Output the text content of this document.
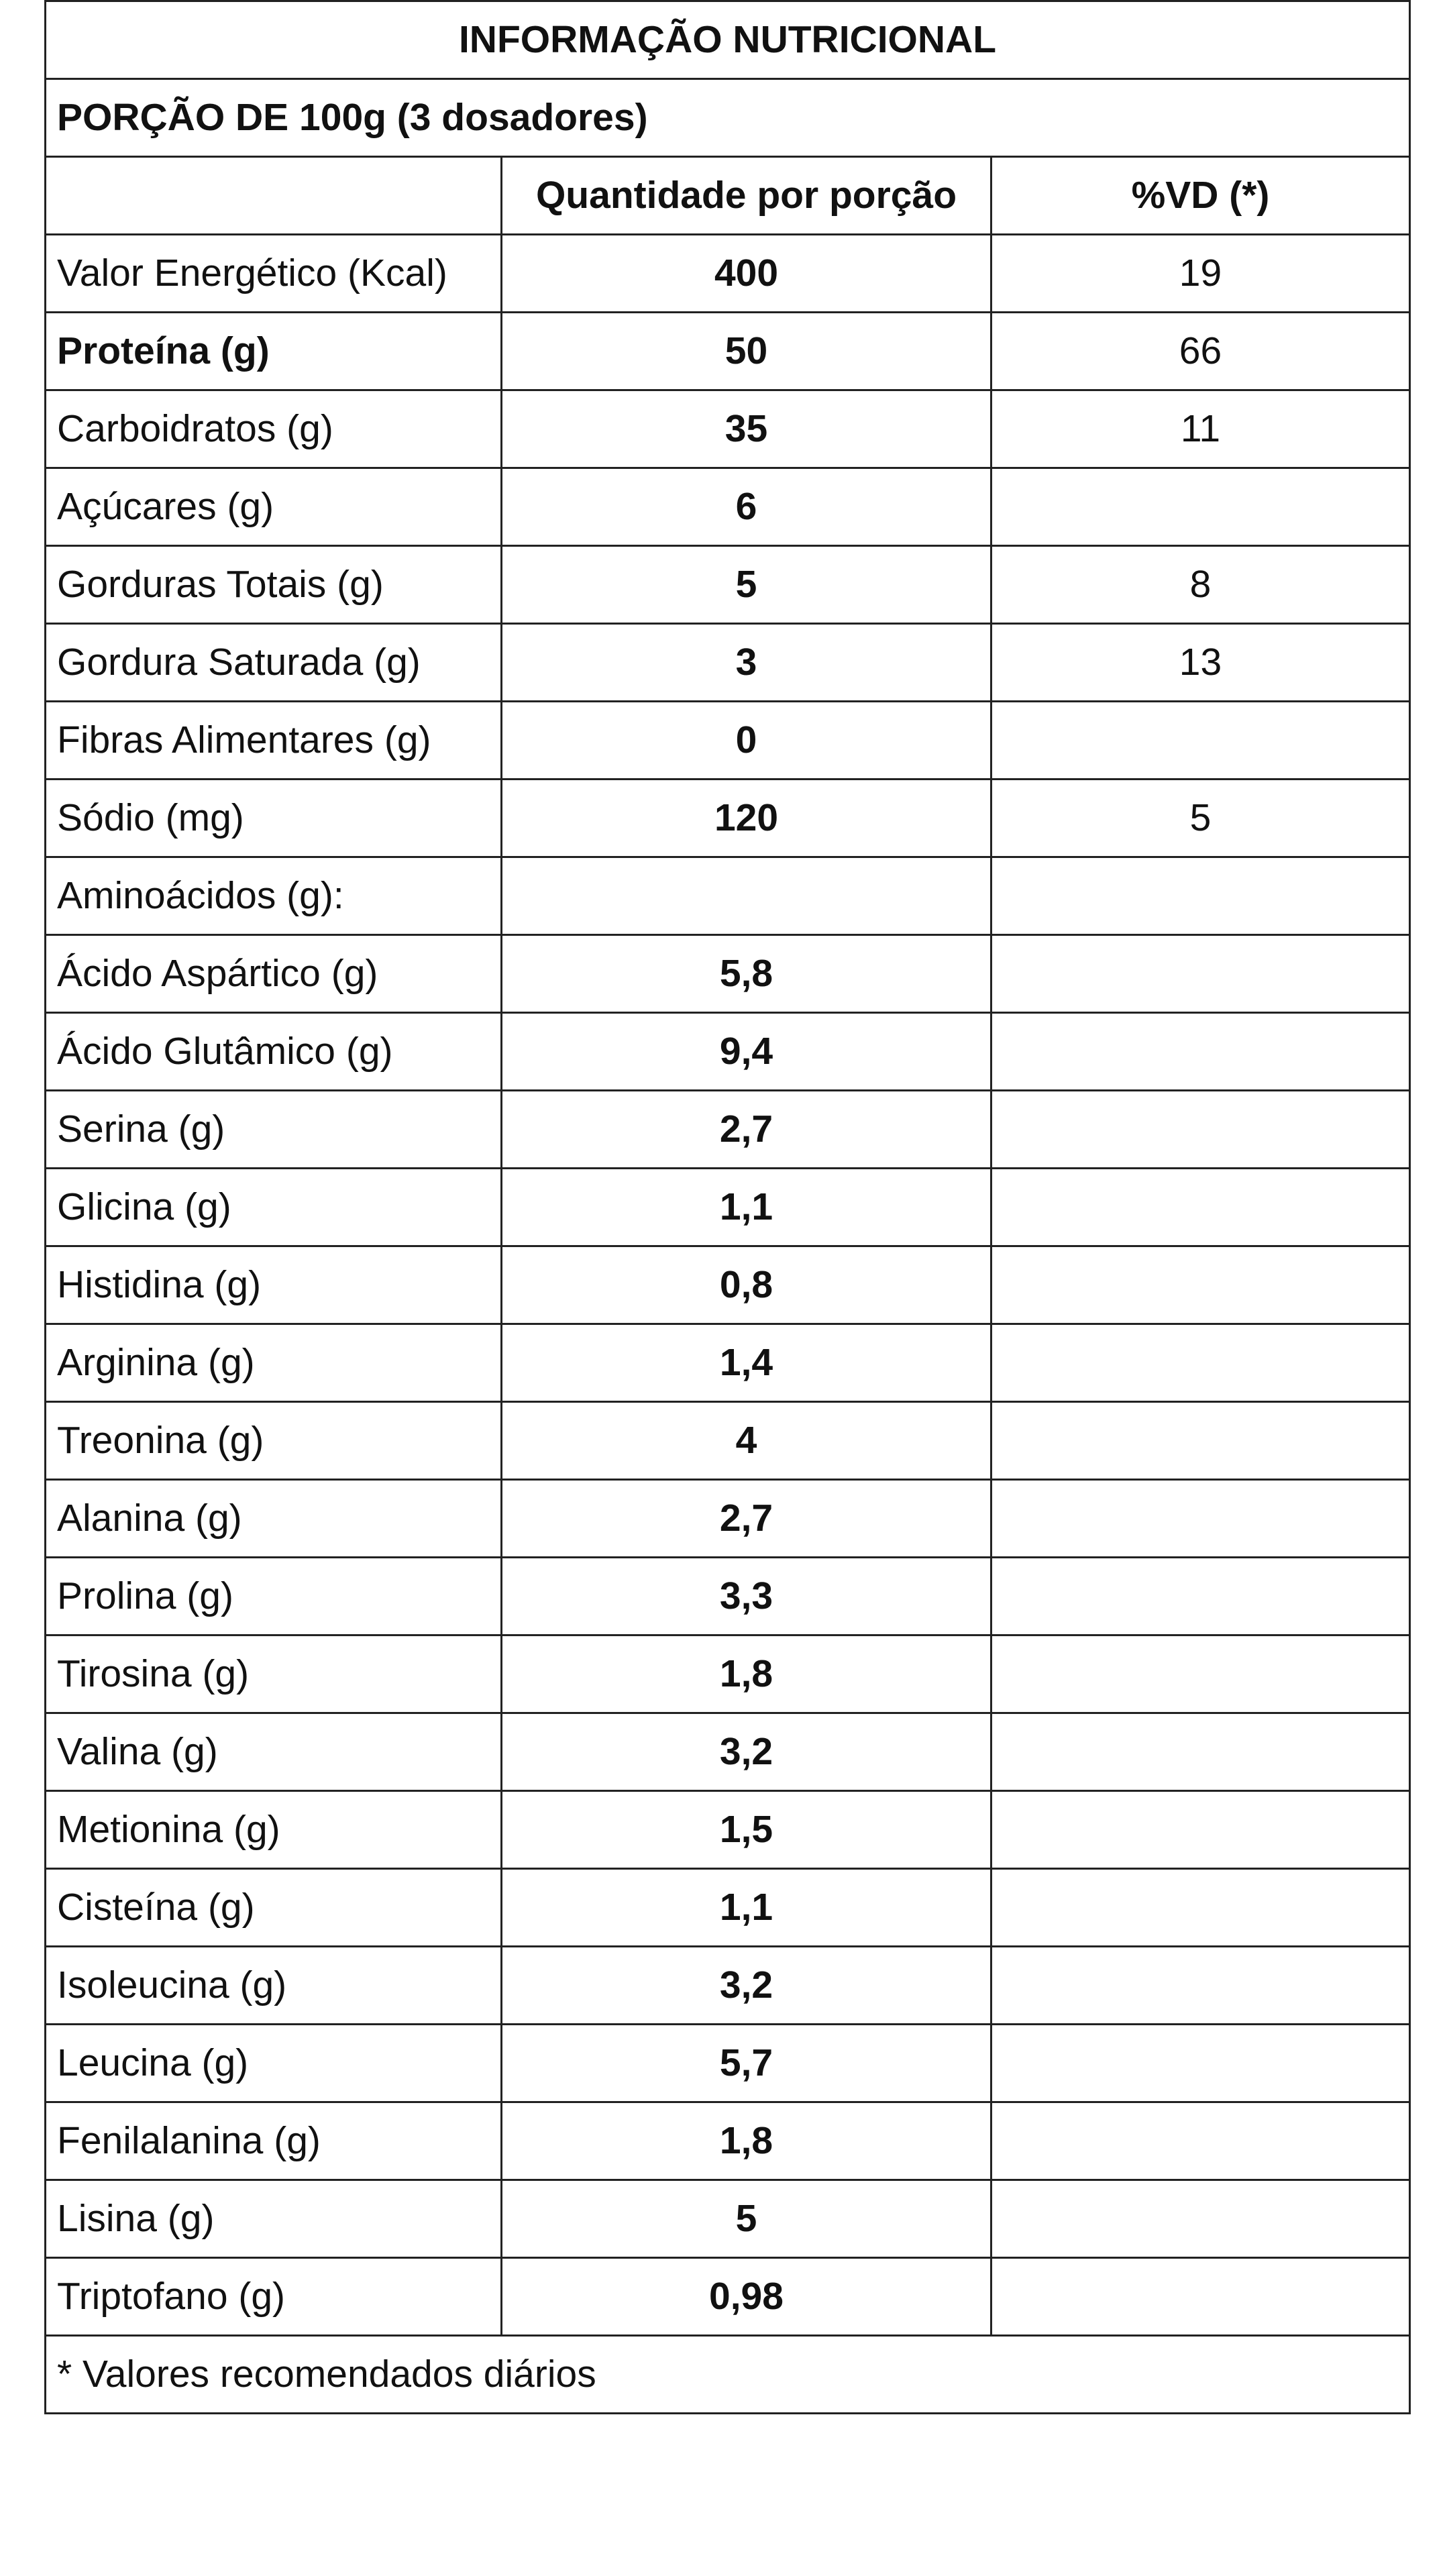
INFORMAÇÃO NUTRICIONAL		
PORÇÃO DE 100g (3 dosadores)		
	Quantidade por porção	%VD (*)
Valor Energético (Kcal)	400	19
Proteína (g)	50	66
Carboidratos (g)	35	11
Açúcares (g)	6	
Gorduras Totais (g)	5	8
Gordura Saturada (g)	3	13
Fibras Alimentares (g)	0	
Sódio (mg)	120	5
Aminoácidos (g):		
Ácido Aspártico (g)	5,8	
Ácido Glutâmico (g)	9,4	
Serina (g)	2,7	
Glicina (g)	1,1	
Histidina (g)	0,8	
Arginina (g)	1,4	
Treonina (g)	4	
Alanina (g)	2,7	
Prolina (g)	3,3	
Tirosina (g)	1,8	
Valina (g)	3,2	
Metionina (g)	1,5	
Cisteína (g)	1,1	
Isoleucina (g)	3,2	
Leucina (g)	5,7	
Fenilalanina (g)	1,8	
Lisina (g)	5	
Triptofano (g)	0,98	
* Valores recomendados diários		
